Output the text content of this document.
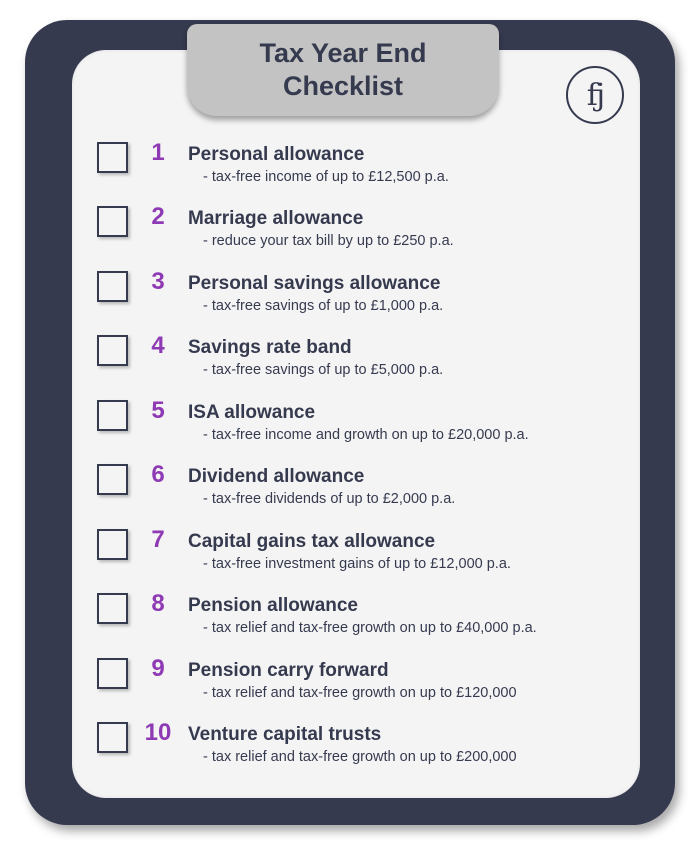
Tax Year End Checklist	fj
1	Personal allowance
- tax-free income of up to £12,500 p.a.
2	Marriage allowance
- reduce your tax bill by up to £250 p.a.
3	Personal savings allowance
- tax-free savings of up to £1,000 p.a.
4	Savings rate band
- tax-free savings of up to £5,000 p.a.
5	ISA allowance
- tax-free income and growth on up to £20,000 p.a.
6	Dividend allowance
- tax-free dividends of up to £2,000 p.a.
7	Capital gains tax allowance
- tax-free investment gains of up to £12,000 p.a.
8	Pension allowance
- tax relief and tax-free growth on up to £40,000 p.a.
9	Pension carry forward
- tax relief and tax-free growth on up to £120,000
10 Venture capital trusts
- tax relief and tax-free growth on up to £200,000
